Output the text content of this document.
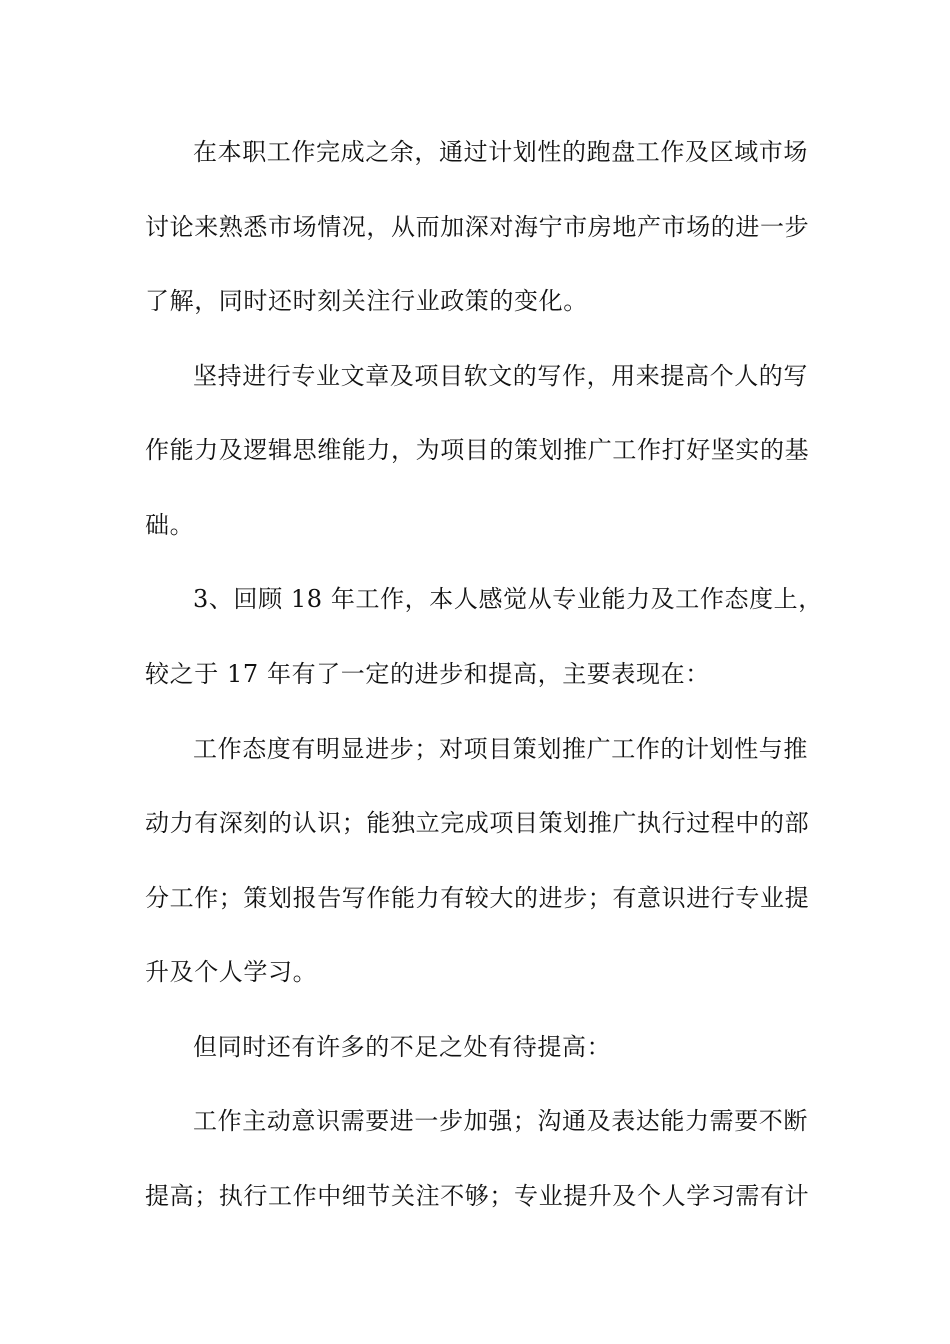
在本职工作完成之余，通过计划性的跑盘工作及区域市场
讨论来熟悉市场情况，从而加深对海宁市房地产市场的进一步
了解，同时还时刻关注行业政策的变化。
坚持进行专业文章及项目软文的写作，用来提高个人的写
作能力及逻辑思维能力，为项目的策划推广工作打好坚实的基
础。
3、回顾 18 年工作，本人感觉从专业能力及工作态度上，
较之于 17 年有了一定的进步和提高，主要表现在：
工作态度有明显进步；对项目策划推广工作的计划性与推
动力有深刻的认识；能独立完成项目策划推广执行过程中的部
分工作；策划报告写作能力有较大的进步；有意识进行专业提
升及个人学习。
但同时还有许多的不足之处有待提高：
工作主动意识需要进一步加强；沟通及表达能力需要不断
提高；执行工作中细节关注不够；专业提升及个人学习需有计
